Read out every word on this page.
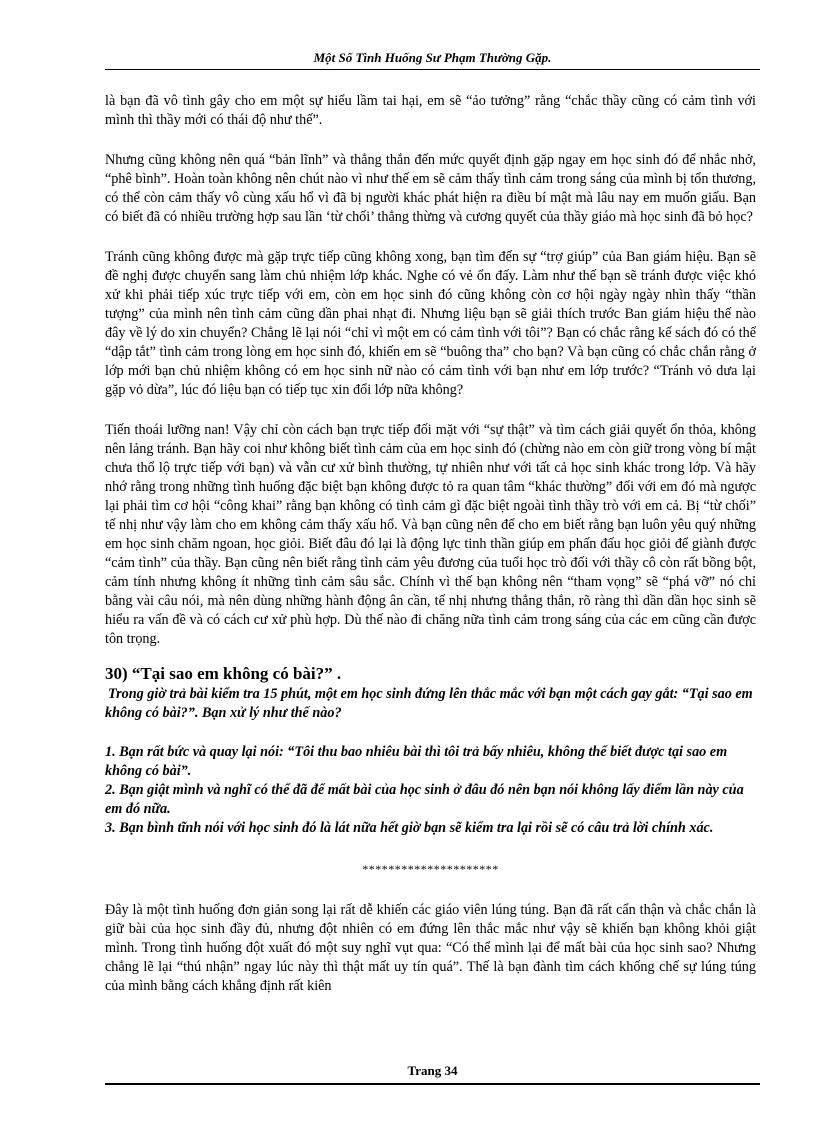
Một Số Tình Huống Sư Phạm Thường Gặp.

là bạn đã vô tình gây cho em một sự hiểu lầm tai hại, em sẽ “ảo tưởng” rằng “chắc thầy cũng có cảm tình với mình thì thầy mới có thái độ như thế”.

Nhưng cũng không nên quá “bản lĩnh” và thẳng thắn đến mức quyết định gặp ngay em học sinh đó để nhắc nhở, “phê bình”. Hoàn toàn không nên chút nào vì như thế em sẽ cảm thấy tình cảm trong sáng của mình bị tổn thương, có thể còn cảm thấy vô cùng xấu hổ vì đã bị người khác phát hiện ra điều bí mật mà lâu nay em muốn giấu. Bạn có biết đã có nhiều trường hợp sau lần ‘từ chối’ thẳng thừng và cương quyết của thầy giáo mà học sinh đã bỏ học?

Tránh cũng không được mà gặp trực tiếp cũng không xong, bạn tìm đến sự “trợ giúp” của Ban giám hiệu. Bạn sẽ đề nghị được chuyển sang làm chủ nhiệm lớp khác. Nghe có vẻ ổn đấy. Làm như thế bạn sẽ tránh được việc khó xử khi phải tiếp xúc trực tiếp với em, còn em học sinh đó cũng không còn cơ hội ngày ngày nhìn thấy “thần tượng” của mình nên tình cảm cũng dần phai nhạt đi. Nhưng liệu bạn sẽ giải thích trước Ban giám hiệu thế nào đây về lý do xin chuyển? Chẳng lẽ lại nói “chỉ vì một em có cảm tình với tôi”? Bạn có chắc rằng kế sách đó có thể “dập tắt” tình cảm trong lòng em học sinh đó, khiến em sẽ “buông tha” cho bạn? Và bạn cũng có chắc chắn rằng ở lớp mới bạn chủ nhiệm không có em học sinh nữ nào có cảm tình với bạn như em lớp trước? “Tránh vỏ dưa lại gặp vỏ dừa”, lúc đó liệu bạn có tiếp tục xin đổi lớp nữa không?

Tiến thoái lưỡng nan! Vậy chỉ còn cách bạn trực tiếp đối mặt với “sự thật” và tìm cách giải quyết ổn thỏa, không nên lảng tránh. Bạn hãy coi như không biết tình cảm của em học sinh đó (chừng nào em còn giữ trong vòng bí mật chưa thổ lộ trực tiếp với bạn) và vẫn cư xử bình thường, tự nhiên như với tất cả học sinh khác trong lớp. Và hãy nhớ rằng trong những tình huống đặc biệt bạn không được tỏ ra quan tâm “khác thường” đối với em đó mà ngược lại phải tìm cơ hội “công khai” rằng bạn không có tình cảm gì đặc biệt ngoài tình thầy trò với em cả. Bị “từ chối” tế nhị như vậy làm cho em không cảm thấy xấu hổ. Và bạn cũng nên để cho em biết rằng bạn luôn yêu quý những em học sinh chăm ngoan, học giỏi. Biết đâu đó lại là động lực tinh thần giúp em phấn đấu học giỏi để giành được “cảm tình” của thầy. Bạn cũng nên biết rằng tình cảm yêu đương của tuổi học trò đối với thầy cô còn rất bồng bột, cảm tính nhưng không ít những tình cảm sâu sắc. Chính vì thế bạn không nên “tham vọng” sẽ “phá vỡ” nó chỉ bằng vài câu nói, mà nên dùng những hành động ân cần, tế nhị nhưng thẳng thắn, rõ ràng thì dần dần học sinh sẽ hiểu ra vấn đề và có cách cư xử phù hợp. Dù thế nào đi chăng nữa tình cảm trong sáng của các em cũng cần được tôn trọng.

30) “Tại sao em không có bài?” .

Trong giờ trả bài kiểm tra 15 phút, một em học sinh đứng lên thắc mắc với bạn một cách gay gắt: “Tại sao em không có bài?”. Bạn xử lý như thế nào?

1. Bạn rất bức và quay lại nói: “Tôi thu bao nhiêu bài thì tôi trả bấy nhiêu, không thể biết được tại sao em không có bài”.

2. Bạn giật mình và nghĩ có thể đã để mất bài của học sinh ở đâu đó nên bạn nói không lấy điểm lần này của em đó nữa.

3. Bạn bình tĩnh nói với học sinh đó là lát nữa hết giờ bạn sẽ kiểm tra lại rồi sẽ có câu trả lời chính xác.

*********************

Đây là một tình huống đơn giản song lại rất dễ khiến các giáo viên lúng túng. Bạn đã rất cẩn thận và chắc chắn là giữ bài của học sinh đầy đủ, nhưng đột nhiên có em đứng lên thắc mắc như vậy sẽ khiến bạn không khỏi giật mình. Trong tình huống đột xuất đó một suy nghĩ vụt qua: “Có thể mình lại để mất bài của học sinh sao? Nhưng chẳng lẽ lại “thú nhận” ngay lúc này thì thật mất uy tín quá”. Thế là bạn đành tìm cách khống chế sự lúng túng của mình bằng cách khẳng định rất kiên

Trang 34
